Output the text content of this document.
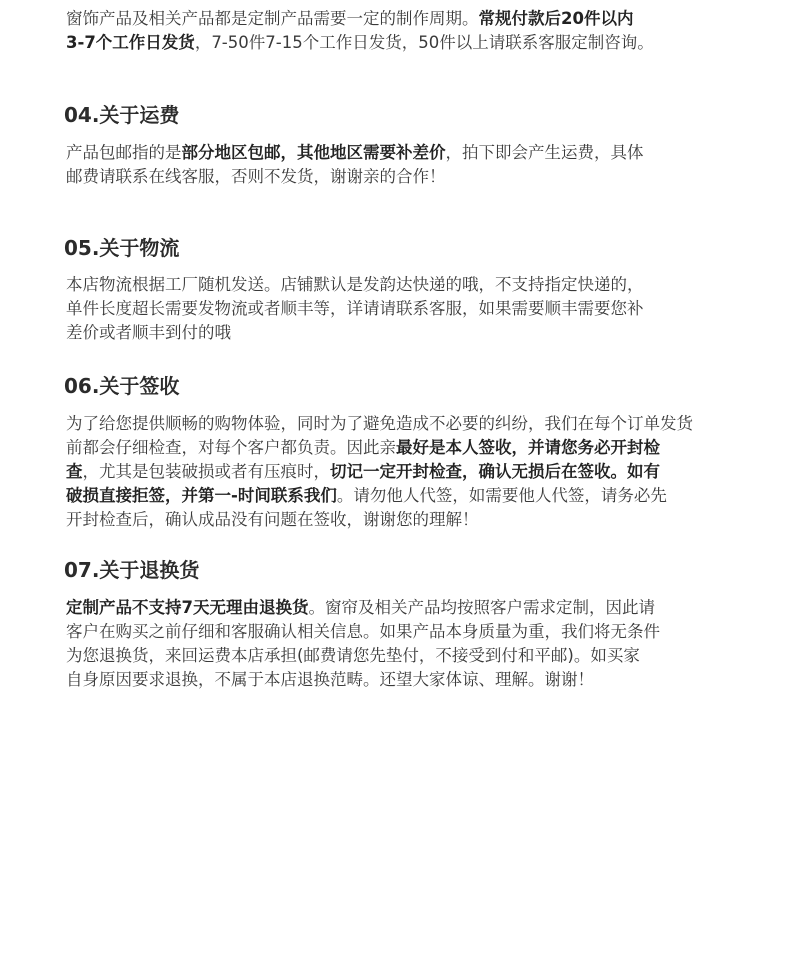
窗饰产品及相关产品都是定制产品需要一定的制作周期。常规付款后20件以内
3-7个工作日发货，7-50件7-15个工作日发货，50件以上请联系客服定制咨询。

04.关于运费

产品包邮指的是部分地区包邮，其他地区需要补差价，拍下即会产生运费，具体
邮费请联系在线客服，否则不发货，谢谢亲的合作！

05.关于物流

本店物流根据工厂随机发送。店铺默认是发韵达快递的哦，不支持指定快递的，
单件长度超长需要发物流或者顺丰等，详请请联系客服，如果需要顺丰需要您补
差价或者顺丰到付的哦

06.关于签收

为了给您提供顺畅的购物体验，同时为了避免造成不必要的纠纷，我们在每个订单发货
前都会仔细检查，对每个客户都负责。因此亲最好是本人签收，并请您务必开封检
查，尤其是包装破损或者有压痕时，切记一定开封检查，确认无损后在签收。如有
破损直接拒签，并第一-时间联系我们。请勿他人代签，如需要他人代签，请务必先
开封检查后，确认成品没有问题在签收，谢谢您的理解！

07.关于退换货

定制产品不支持7天无理由退换货。窗帘及相关产品均按照客户需求定制，因此请
客户在购买之前仔细和客服确认相关信息。如果产品本身质量为重，我们将无条件
为您退换货，来回运费本店承担(邮费请您先垫付，不接受到付和平邮)。如买家
自身原因要求退换，不属于本店退换范畴。还望大家体谅、理解。谢谢！
